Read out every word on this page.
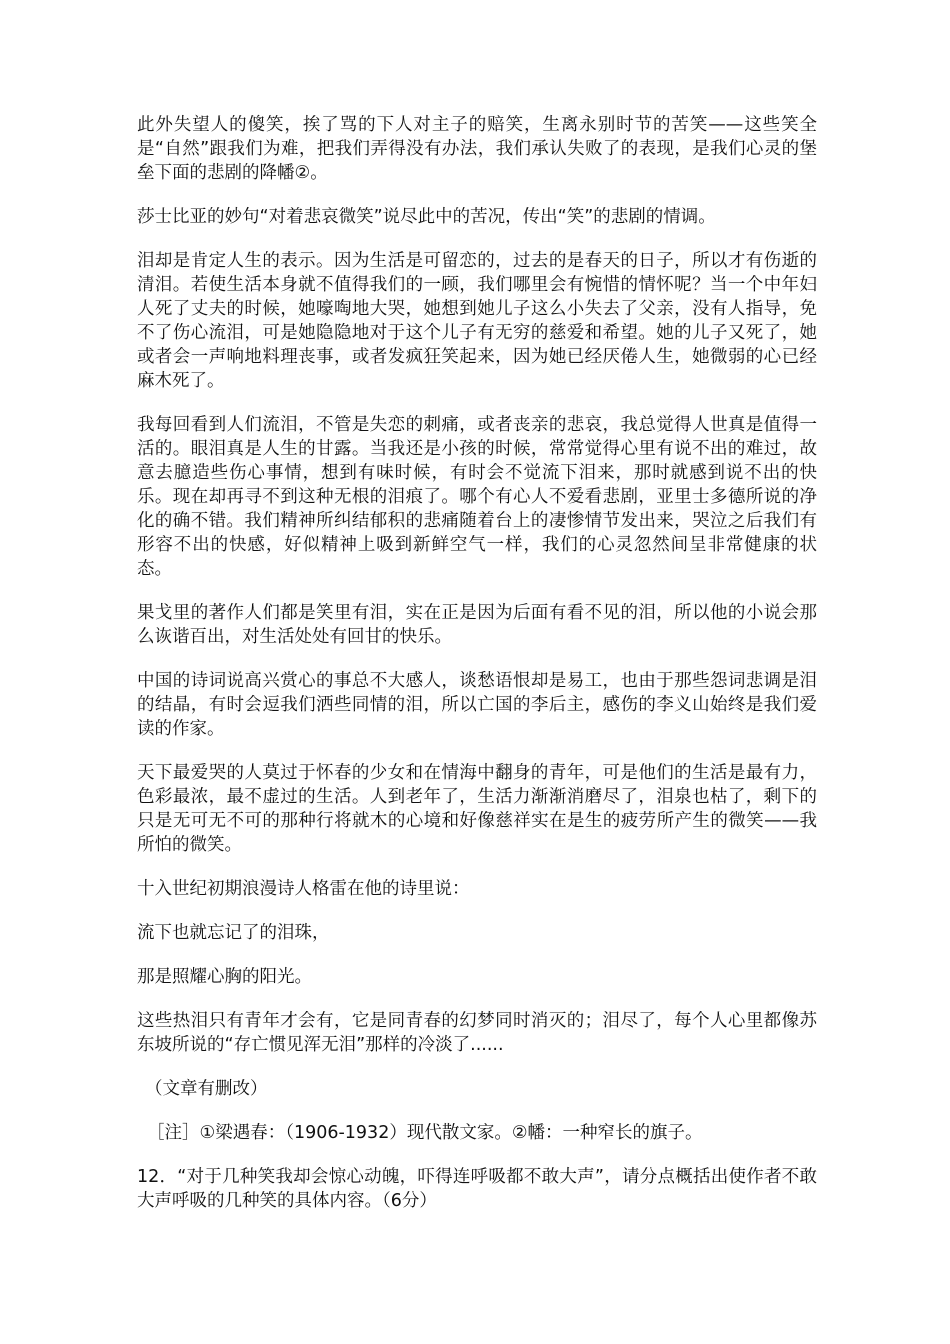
此外失望人的傻笑，挨了骂的下人对主子的赔笑，生离永别时节的苦笑——这些笑全是“自然”跟我们为难，把我们弄得没有办法，我们承认失败了的表现，是我们心灵的堡垒下面的悲剧的降幡②。

莎士比亚的妙句“对着悲哀微笑”说尽此中的苦况，传出“笑”的悲剧的情调。

泪却是肯定人生的表示。因为生活是可留恋的，过去的是春天的日子，所以才有伤逝的清泪。若使生活本身就不值得我们的一顾，我们哪里会有惋惜的情怀呢？当一个中年妇人死了丈夫的时候，她嚎啕地大哭，她想到她儿子这么小失去了父亲，没有人指导，免不了伤心流泪，可是她隐隐地对于这个儿子有无穷的慈爱和希望。她的儿子又死了，她或者会一声响地料理丧事，或者发疯狂笑起来，因为她已经厌倦人生，她微弱的心已经麻木死了。

我每回看到人们流泪，不管是失恋的刺痛，或者丧亲的悲哀，我总觉得人世真是值得一活的。眼泪真是人生的甘露。当我还是小孩的时候，常常觉得心里有说不出的难过，故意去臆造些伤心事情，想到有味时候，有时会不觉流下泪来，那时就感到说不出的快乐。现在却再寻不到这种无根的泪痕了。哪个有心人不爱看悲剧，亚里士多德所说的净化的确不错。我们精神所纠结郁积的悲痛随着台上的凄惨情节发出来，哭泣之后我们有形容不出的快感，好似精神上吸到新鲜空气一样，我们的心灵忽然间呈非常健康的状态。

果戈里的著作人们都是笑里有泪，实在正是因为后面有看不见的泪，所以他的小说会那么诙谐百出，对生活处处有回甘的快乐。

中国的诗词说高兴赏心的事总不大感人，谈愁语恨却是易工，也由于那些怨词悲调是泪的结晶，有时会逗我们洒些同情的泪，所以亡国的李后主，感伤的李义山始终是我们爱读的作家。

天下最爱哭的人莫过于怀春的少女和在情海中翻身的青年，可是他们的生活是最有力，色彩最浓，最不虚过的生活。人到老年了，生活力渐渐消磨尽了，泪泉也枯了，剩下的只是无可无不可的那种行将就木的心境和好像慈祥实在是生的疲劳所产生的微笑——我所怕的微笑。

十入世纪初期浪漫诗人格雷在他的诗里说：

流下也就忘记了的泪珠，

那是照耀心胸的阳光。

这些热泪只有青年才会有，它是同青春的幻梦同时消灭的；泪尽了，每个人心里都像苏东坡所说的“存亡惯见浑无泪”那样的冷淡了......

（文章有删改）

［注］①梁遇春：（1906-1932）现代散文家。②幡：一种窄长的旗子。

12．“对于几种笑我却会惊心动魄，吓得连呼吸都不敢大声”，请分点概括出使作者不敢大声呼吸的几种笑的具体内容。（6分）
